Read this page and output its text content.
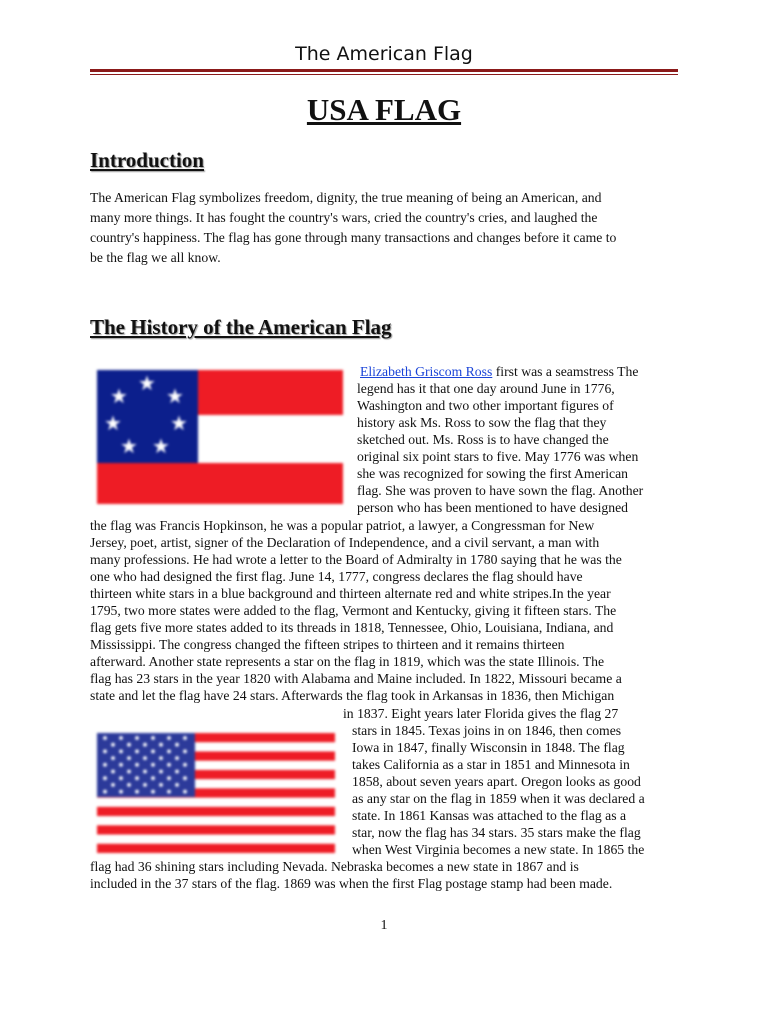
The American Flag
USA FLAG
Introduction
The American Flag symbolizes freedom, dignity, the true meaning of being an American, and
many more things. It has fought the country's wars, cried the country's cries, and laughed the
country's happiness. The flag has gone through many transactions and changes before it came to
be the flag we all know.
The History of the American Flag
★
★
★
★ ★
★ ★
Elizabeth Griscom Ross first was a seamstress The
legend has it that one day around June in 1776,
Washington and two other important figures of
history ask Ms. Ross to sow the flag that they
sketched out. Ms. Ross is to have changed the
original six point stars to five. May 1776 was when
she was recognized for sowing the first American
flag. She was proven to have sown the flag. Another
person who has been mentioned to have designed
the flag was Francis Hopkinson, he was a popular patriot, a lawyer, a Congressman for New
Jersey, poet, artist, signer of the Declaration of Independence, and a civil servant, a man with
many professions. He had wrote a letter to the Board of Admiralty in 1780 saying that he was the
one who had designed the first flag. June 14, 1777, congress declares the flag should have
thirteen white stars in a blue background and thirteen alternate red and white stripes.In the year
1795, two more states were added to the flag, Vermont and Kentucky, giving it fifteen stars. The
flag gets five more states added to its threads in 1818, Tennessee, Ohio, Louisiana, Indiana, and
Mississippi. The congress changed the fifteen stripes to thirteen and it remains thirteen
afterward. Another state represents a star on the flag in 1819, which was the state Illinois. The
flag has 23 stars in the year 1820 with Alabama and Maine included. In 1822, Missouri became a
state and let the flag have 24 stars. Afterwards the flag took in Arkansas in 1836, then Michigan
in 1837. Eight years later Florida gives the flag 27
stars in 1845. Texas joins in on 1846, then comes
Iowa in 1847, finally Wisconsin in 1848. The flag
takes California as a star in 1851 and Minnesota in
1858, about seven years apart. Oregon looks as good
as any star on the flag in 1859 when it was declared a
state. In 1861 Kansas was attached to the flag as a
star, now the flag has 34 stars. 35 stars make the flag
when West Virginia becomes a new state. In 1865 the
flag had 36 shining stars including Nevada. Nebraska becomes a new state in 1867 and is
included in the 37 stars of the flag. 1869 was when the first Flag postage stamp had been made.
1
